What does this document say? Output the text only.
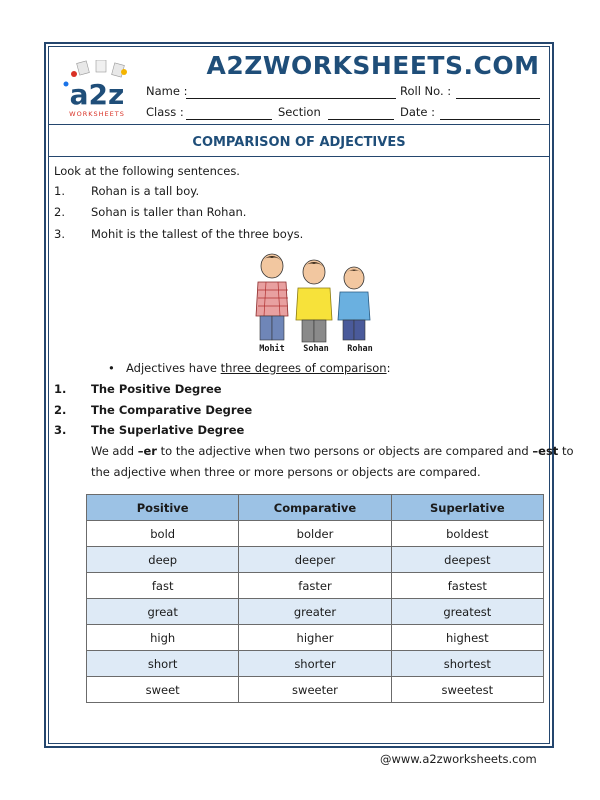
a2z
WORKSHEETS
A2ZWORKSHEETS.COM
Name :	Roll No. :
Class :	Section	Date :
COMPARISON OF ADJECTIVES
Look at the following sentences.
1. Rohan is a tall boy.
2. Sohan is taller than Rohan.
3. Mohit is the tallest of the three boys.
Mohit Sohan Rohan
• Adjectives have three degrees of comparison:
1. The Positive Degree
2. The Comparative Degree
3. The Superlative Degree
We add –er to the adjective when two persons or objects are compared and –est to
the adjective when three or more persons or objects are compared.
Positive	Comparative	Superlative
bold	bolder	boldest
deep	deeper	deepest
fast	faster	fastest
great	greater	greatest
high	higher	highest
short	shorter	shortest
sweet	sweeter	sweetest
@www.a2zworksheets.com
